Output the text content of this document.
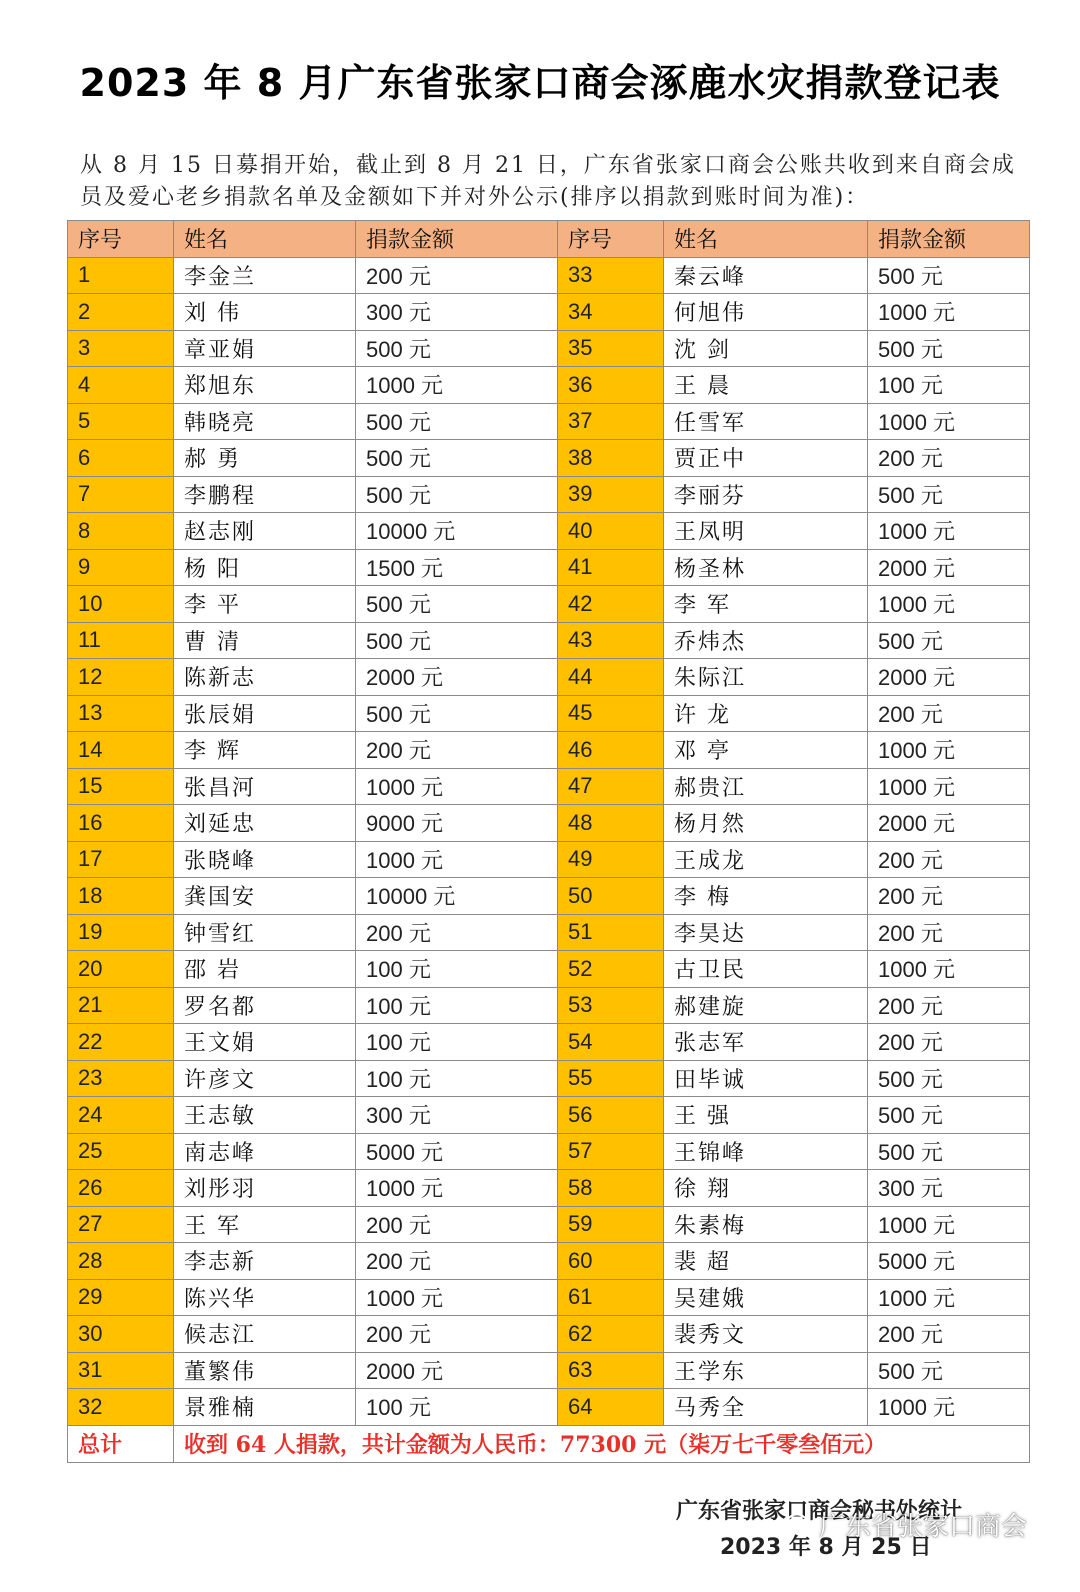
2023 年 8 月广东省张家口商会涿鹿水灾捐款登记表
从 8 月 15 日募捐开始，截止到 8 月 21 日，广东省张家口商会公账共收到来自商会成员及爱心老乡捐款名单及金额如下并对外公示(排序以捐款到账时间为准)：
序号	姓名	捐款金额	序号	姓名	捐款金额
1	李金兰	200 元	33	秦云峰	500 元
2	刘 伟	300 元	34	何旭伟	1000 元
3	章亚娟	500 元	35	沈 剑	500 元
4	郑旭东	1000 元	36	王 晨	100 元
5	韩晓亮	500 元	37	任雪军	1000 元
6	郝 勇	500 元	38	贾正中	200 元
7	李鹏程	500 元	39	李丽芬	500 元
8	赵志刚	10000 元	40	王凤明	1000 元
9	杨 阳	1500 元	41	杨圣林	2000 元
10	李 平	500 元	42	李 军	1000 元
11	曹 清	500 元	43	乔炜杰	500 元
12	陈新志	2000 元	44	朱际江	2000 元
13	张辰娟	500 元	45	许 龙	200 元
14	李 辉	200 元	46	邓 亭	1000 元
15	张昌河	1000 元	47	郝贵江	1000 元
16	刘延忠	9000 元	48	杨月然	2000 元
17	张晓峰	1000 元	49	王成龙	200 元
18	龚国安	10000 元	50	李 梅	200 元
19	钟雪红	200 元	51	李昊达	200 元
20	邵 岩	100 元	52	古卫民	1000 元
21	罗名都	100 元	53	郝建旋	200 元
22	王文娟	100 元	54	张志军	200 元
23	许彦文	100 元	55	田毕诚	500 元
24	王志敏	300 元	56	王 强	500 元
25	南志峰	5000 元	57	王锦峰	500 元
26	刘彤羽	1000 元	58	徐 翔	300 元
27	王 军	200 元	59	朱素梅	1000 元
28	李志新	200 元	60	裴 超	5000 元
29	陈兴华	1000 元	61	吴建娥	1000 元
30	候志江	200 元	62	裴秀文	200 元
31	董繁伟	2000 元	63	王学东	500 元
32	景雅楠	100 元	64	马秀全	1000 元
总计	收到 64 人捐款，共计金额为人民币：77300 元（柒万七千零叁佰元）				
广东省张家口商会秘书处统计
2023 年 8 月 25 日
广东省张家口商会
